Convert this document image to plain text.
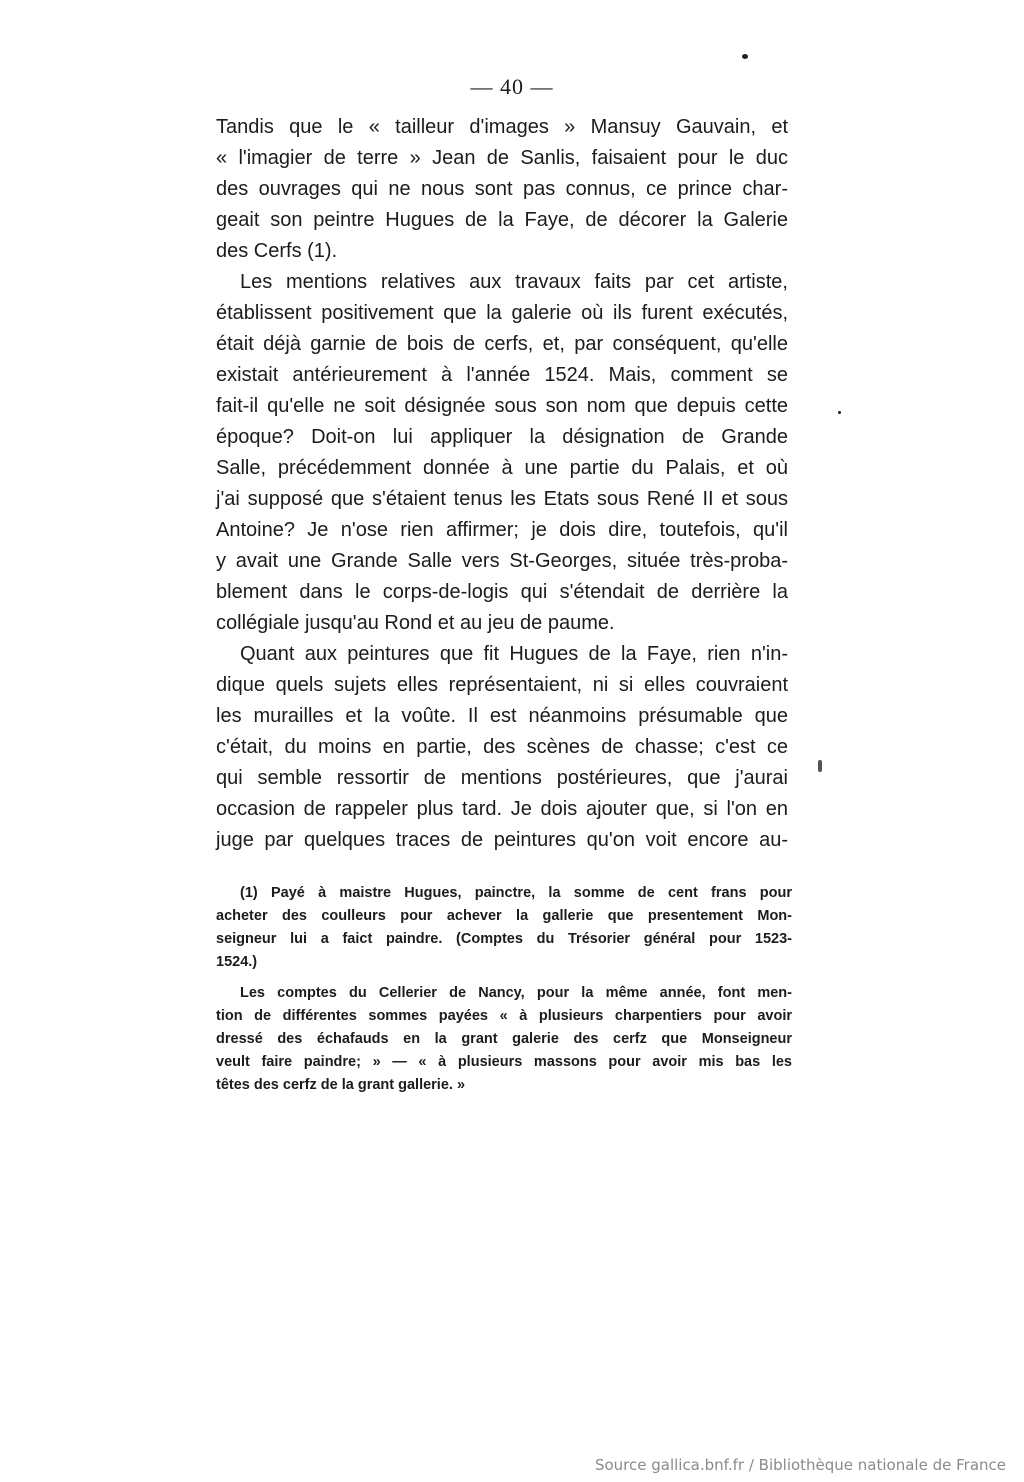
— 40 —
Tandis que le « tailleur d'images » Mansuy Gauvain, et
« l'imagier de terre » Jean de Sanlis, faisaient pour le duc
des ouvrages qui ne nous sont pas connus, ce prince char-
geait son peintre Hugues de la Faye, de décorer la Galerie
des Cerfs (1).
Les mentions relatives aux travaux faits par cet artiste,
établissent positivement que la galerie où ils furent exécutés,
était déjà garnie de bois de cerfs, et, par conséquent, qu'elle
existait antérieurement à l'année 1524. Mais, comment se
fait-il qu'elle ne soit désignée sous son nom que depuis cette
époque? Doit-on lui appliquer la désignation de Grande
Salle, précédemment donnée à une partie du Palais, et où
j'ai supposé que s'étaient tenus les Etats sous René II et sous
Antoine? Je n'ose rien affirmer; je dois dire, toutefois, qu'il
y avait une Grande Salle vers St-Georges, située très-proba-
blement dans le corps-de-logis qui s'étendait de derrière la
collégiale jusqu'au Rond et au jeu de paume.
Quant aux peintures que fit Hugues de la Faye, rien n'in-
dique quels sujets elles représentaient, ni si elles couvraient
les murailles et la voûte. Il est néanmoins présumable que
c'était, du moins en partie, des scènes de chasse; c'est ce
qui semble ressortir de mentions postérieures, que j'aurai
occasion de rappeler plus tard. Je dois ajouter que, si l'on en
juge par quelques traces de peintures qu'on voit encore au-
(1) Payé à maistre Hugues, painctre, la somme de cent frans pour
acheter des coulleurs pour achever la gallerie que presentement Mon-
seigneur lui a faict paindre. (Comptes du Trésorier général pour 1523-
1524.)
Les comptes du Cellerier de Nancy, pour la même année, font men-
tion de différentes sommes payées « à plusieurs charpentiers pour avoir
dressé des échafauds en la grant galerie des cerfz que Monseigneur
veult faire paindre; » — « à plusieurs massons pour avoir mis bas les
têtes des cerfz de la grant gallerie. »
Source gallica.bnf.fr / Bibliothèque nationale de France
